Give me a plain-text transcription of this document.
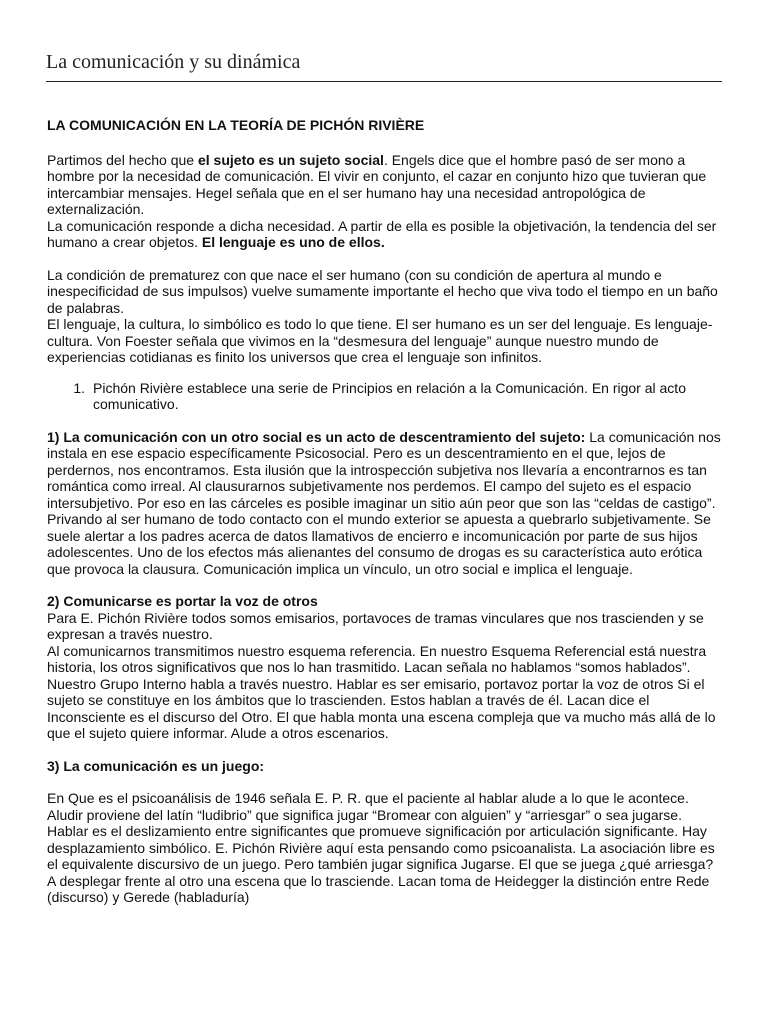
La comunicación y su dinámica

LA COMUNICACIÓN EN LA TEORÍA DE PICHÓN RIVIÈRE

Partimos del hecho que el sujeto es un sujeto social. Engels dice que el hombre pasó de ser mono a hombre por la necesidad de comunicación. El vivir en conjunto, el cazar en conjunto hizo que tuvieran que intercambiar mensajes. Hegel señala que en el ser humano hay una necesidad antropológica de externalización.

La comunicación responde a dicha necesidad. A partir de ella es posible la objetivación, la tendencia del ser humano a crear objetos. El lenguaje es uno de ellos.

La condición de prematurez con que nace el ser humano (con su condición de apertura al mundo e inespecificidad de sus impulsos) vuelve sumamente importante el hecho que viva todo el tiempo en un baño de palabras.

El lenguaje, la cultura, lo simbólico es todo lo que tiene. El ser humano es un ser del lenguaje. Es lenguaje-cultura. Von Foester señala que vivimos en la “desmesura del lenguaje” aunque nuestro mundo de experiencias cotidianas es finito los universos que crea el lenguaje son infinitos.

1. Pichón Rivière establece una serie de Principios en relación a la Comunicación. En rigor al acto comunicativo.

1) La comunicación con un otro social es un acto de descentramiento del sujeto: La comunicación nos instala en ese espacio específicamente Psicosocial. Pero es un descentramiento en el que, lejos de perdernos, nos encontramos. Esta ilusión que la introspección subjetiva nos llevaría a encontrarnos es tan romántica como irreal. Al clausurarnos subjetivamente nos perdemos. El campo del sujeto es el espacio intersubjetivo. Por eso en las cárceles es posible imaginar un sitio aún peor que son las “celdas de castigo”. Privando al ser humano de todo contacto con el mundo exterior se apuesta a quebrarlo subjetivamente. Se suele alertar a los padres acerca de datos llamativos de encierro e incomunicación por parte de sus hijos adolescentes. Uno de los efectos más alienantes del consumo de drogas es su característica auto erótica que provoca la clausura. Comunicación implica un vínculo, un otro social e implica el lenguaje.

2) Comunicarse es portar la voz de otros

Para E. Pichón Rivière todos somos emisarios, portavoces de tramas vinculares que nos trascienden y se expresan a través nuestro.

Al comunicarnos transmitimos nuestro esquema referencia. En nuestro Esquema Referencial está nuestra historia, los otros significativos que nos lo han trasmitido. Lacan señala no hablamos “somos hablados”. Nuestro Grupo Interno habla a través nuestro. Hablar es ser emisario, portavoz portar la voz de otros Si el sujeto se constituye en los ámbitos que lo trascienden. Estos hablan a través de él. Lacan dice el Inconsciente es el discurso del Otro. El que habla monta una escena compleja que va mucho más allá de lo que el sujeto quiere informar. Alude a otros escenarios.

3) La comunicación es un juego:

En Que es el psicoanálisis de 1946 señala E. P. R. que el paciente al hablar alude a lo que le acontece. Aludir proviene del latín “ludibrio” que significa jugar “Bromear con alguien” y “arriesgar” o sea jugarse. Hablar es el deslizamiento entre significantes que promueve significación por articulación significante. Hay desplazamiento simbólico. E. Pichón Rivière aquí esta pensando como psicoanalista. La asociación libre es el equivalente discursivo de un juego. Pero también jugar significa Jugarse. El que se juega ¿qué arriesga? A desplegar frente al otro una escena que lo trasciende. Lacan toma de Heidegger la distinción entre Rede (discurso) y Gerede (habladuría)
